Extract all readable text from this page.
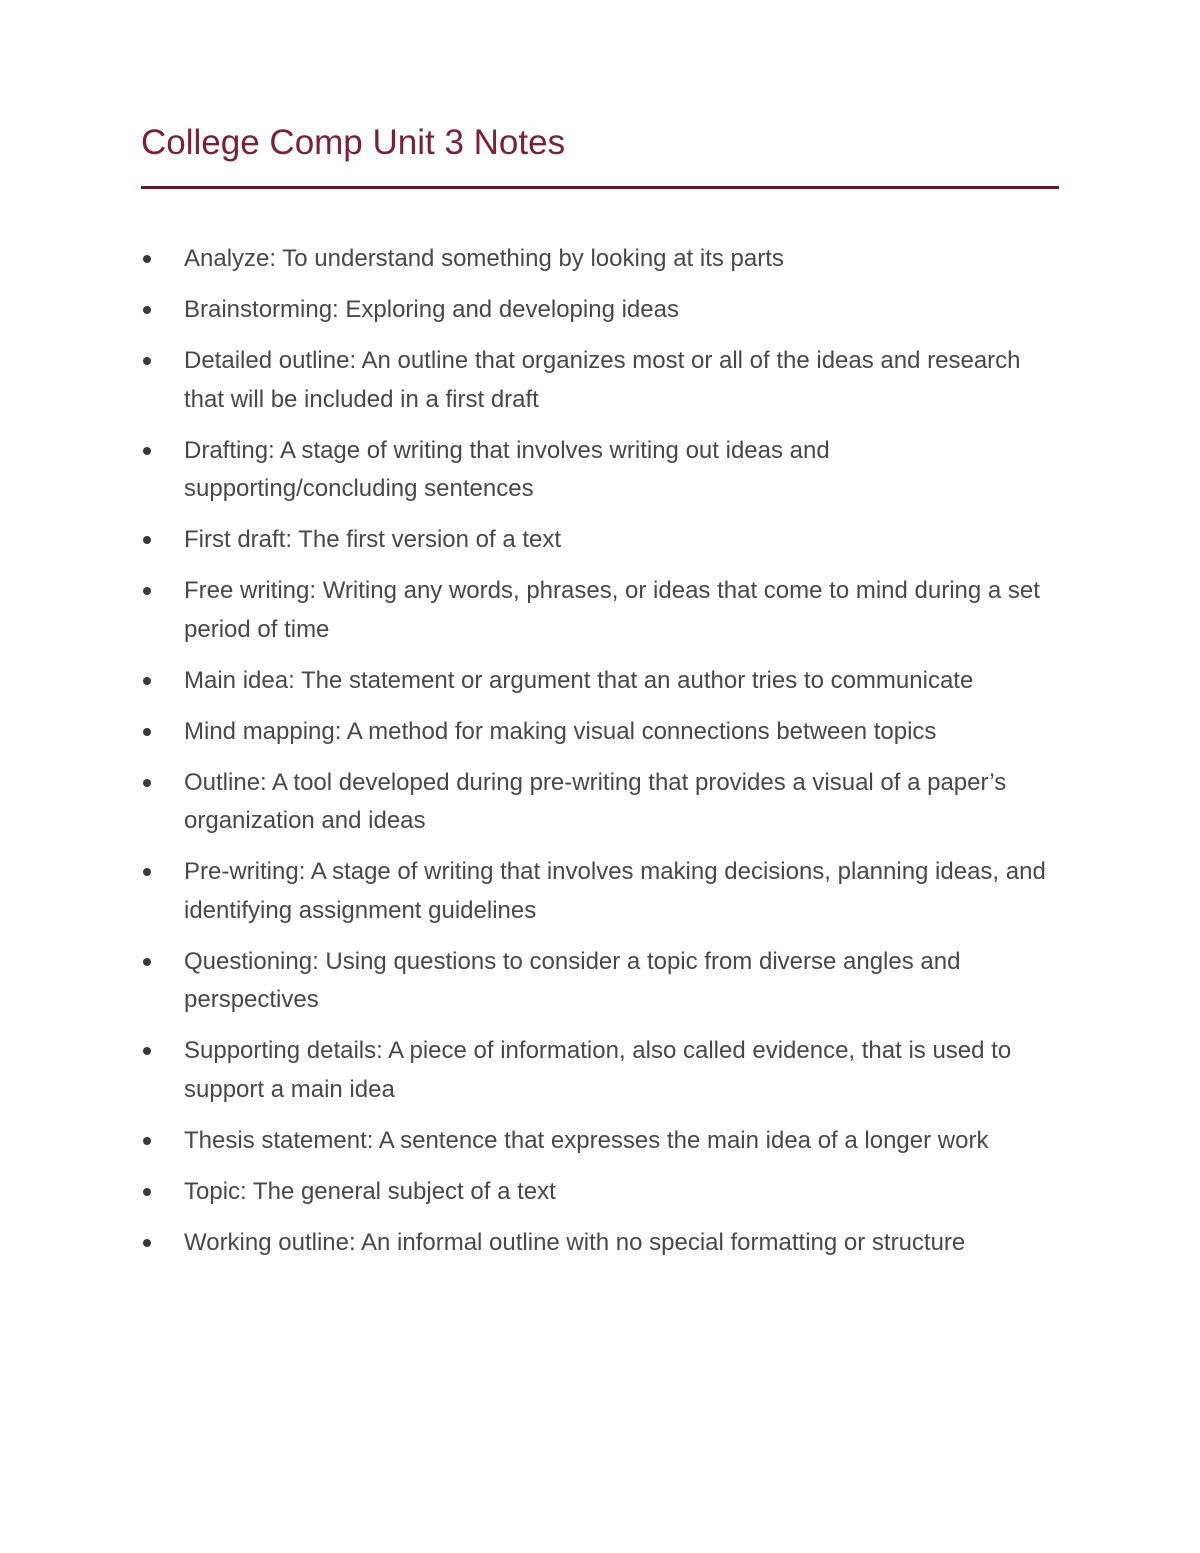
College Comp Unit 3 Notes
Analyze: To understand something by looking at its parts
Brainstorming: Exploring and developing ideas
Detailed outline: An outline that organizes most or all of the ideas and research that will be included in a first draft
Drafting: A stage of writing that involves writing out ideas and supporting/concluding sentences
First draft: The first version of a text
Free writing: Writing any words, phrases, or ideas that come to mind during a set period of time
Main idea: The statement or argument that an author tries to communicate
Mind mapping: A method for making visual connections between topics
Outline: A tool developed during pre-writing that provides a visual of a paper’s organization and ideas
Pre-writing: A stage of writing that involves making decisions, planning ideas, and identifying assignment guidelines
Questioning: Using questions to consider a topic from diverse angles and perspectives
Supporting details: A piece of information, also called evidence, that is used to support a main idea
Thesis statement: A sentence that expresses the main idea of a longer work
Topic: The general subject of a text
Working outline: An informal outline with no special formatting or structure
